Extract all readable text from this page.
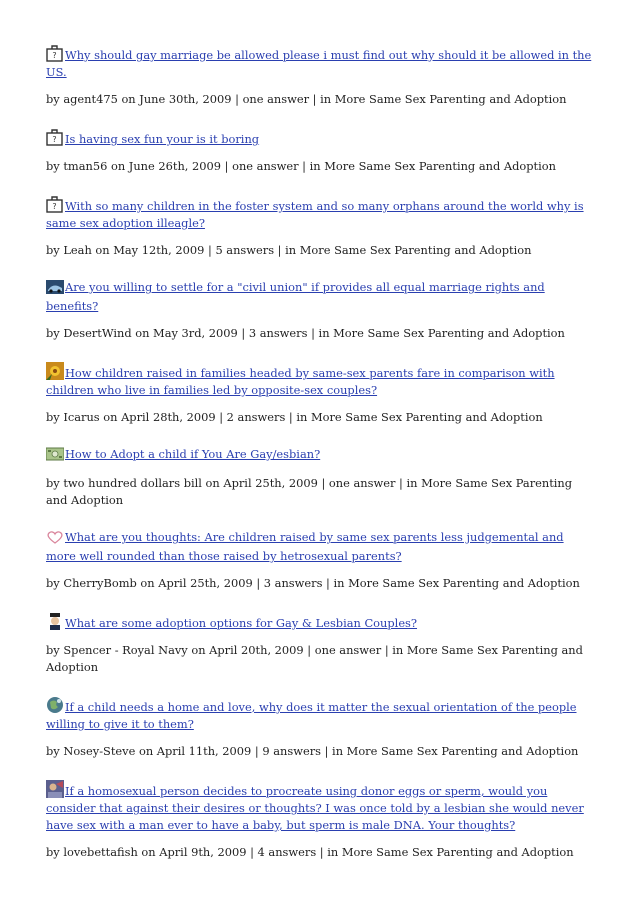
? Why should gay marriage be allowed please i must find out why should it be allowed in the US.

by agent475 on June 30th, 2009 | one answer | in More Same Sex Parenting and Adoption

? Is having sex fun your is it boring

by tman56 on June 26th, 2009 | one answer | in More Same Sex Parenting and Adoption

? With so many children in the foster system and so many orphans around the world why is same sex adoption illeagle?

by Leah on May 12th, 2009 | 5 answers | in More Same Sex Parenting and Adoption

Are you willing to settle for a "civil union" if provides all equal marriage rights and benefits?

by DesertWind on May 3rd, 2009 | 3 answers | in More Same Sex Parenting and Adoption

How children raised in families headed by same-sex parents fare in comparison with children who live in families led by opposite-sex couples?

by Icarus on April 28th, 2009 | 2 answers | in More Same Sex Parenting and Adoption

How to Adopt a child if You Are Gay/esbian?

by two hundred dollars bill on April 25th, 2009 | one answer | in More Same Sex Parenting and Adoption

What are you thoughts: Are children raised by same sex parents less judgemental and more well rounded than those raised by hetrosexual parents?

by CherryBomb on April 25th, 2009 | 3 answers | in More Same Sex Parenting and Adoption

What are some adoption options for Gay & Lesbian Couples?

by Spencer - Royal Navy on April 20th, 2009 | one answer | in More Same Sex Parenting and Adoption

If a child needs a home and love, why does it matter the sexual orientation of the people willing to give it to them?

by Nosey-Steve on April 11th, 2009 | 9 answers | in More Same Sex Parenting and Adoption

If a homosexual person decides to procreate using donor eggs or sperm, would you consider that against their desires or thoughts? I was once told by a lesbian she would never have sex with a man ever to have a baby, but sperm is male DNA. Your thoughts?

by lovebettafish on April 9th, 2009 | 4 answers | in More Same Sex Parenting and Adoption
